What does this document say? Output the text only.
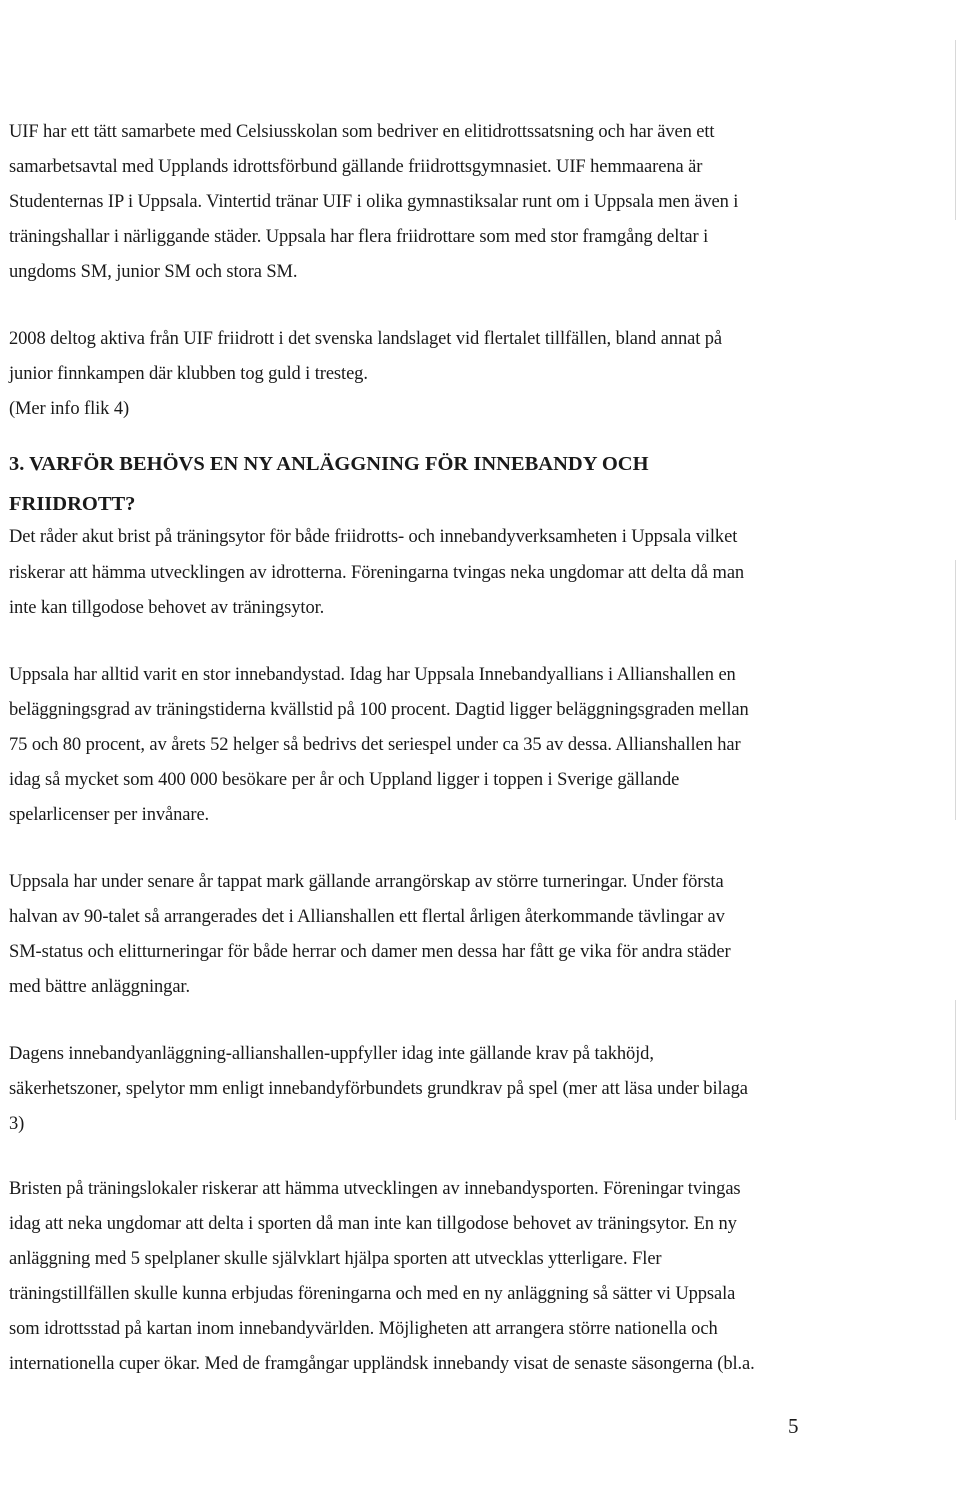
UIF har ett tätt samarbete med Celsiusskolan som bedriver en elitidrottssatsning och har även ett
samarbetsavtal med Upplands idrottsförbund gällande friidrottsgymnasiet. UIF hemmaarena är
Studenternas IP i Uppsala. Vintertid tränar UIF i olika gymnastiksalar runt om i Uppsala men även i
träningshallar i närliggande städer. Uppsala har flera friidrottare som med stor framgång deltar i
ungdoms SM, junior SM och stora SM.
2008 deltog aktiva från UIF friidrott i det svenska landslaget vid flertalet tillfällen, bland annat på
junior finnkampen där klubben tog guld i tresteg.
(Mer info flik 4)
3. VARFÖR BEHÖVS EN NY ANLÄGGNING FÖR INNEBANDY OCH
FRIIDROTT?
Det råder akut brist på träningsytor för både friidrotts- och innebandyverksamheten i Uppsala vilket
riskerar att hämma utvecklingen av idrotterna. Föreningarna tvingas neka ungdomar att delta då man
inte kan tillgodose behovet av träningsytor.
Uppsala har alltid varit en stor innebandystad. Idag har Uppsala Innebandyallians i Allianshallen en
beläggningsgrad av träningstiderna kvällstid på 100 procent. Dagtid ligger beläggningsgraden mellan
75 och 80 procent, av årets 52 helger så bedrivs det seriespel under ca 35 av dessa. Allianshallen har
idag så mycket som 400 000 besökare per år och Uppland ligger i toppen i Sverige gällande
spelarlicenser per invånare.
Uppsala har under senare år tappat mark gällande arrangörskap av större turneringar. Under första
halvan av 90-talet så arrangerades det i Allianshallen ett flertal årligen återkommande tävlingar av
SM-status och elitturneringar för både herrar och damer men dessa har fått ge vika för andra städer
med bättre anläggningar.
Dagens innebandyanläggning-allianshallen-uppfyller idag inte gällande krav på takhöjd,
säkerhetszoner, spelytor mm enligt innebandyförbundets grundkrav på spel (mer att läsa under bilaga
3)
Bristen på träningslokaler riskerar att hämma utvecklingen av innebandysporten. Föreningar tvingas
idag att neka ungdomar att delta i sporten då man inte kan tillgodose behovet av träningsytor. En ny
anläggning med 5 spelplaner skulle självklart hjälpa sporten att utvecklas ytterligare. Fler
träningstillfällen skulle kunna erbjudas föreningarna och med en ny anläggning så sätter vi Uppsala
som idrottsstad på kartan inom innebandyvärlden. Möjligheten att arrangera större nationella och
internationella cuper ökar. Med de framgångar uppländsk innebandy visat de senaste säsongerna (bl.a.
5
